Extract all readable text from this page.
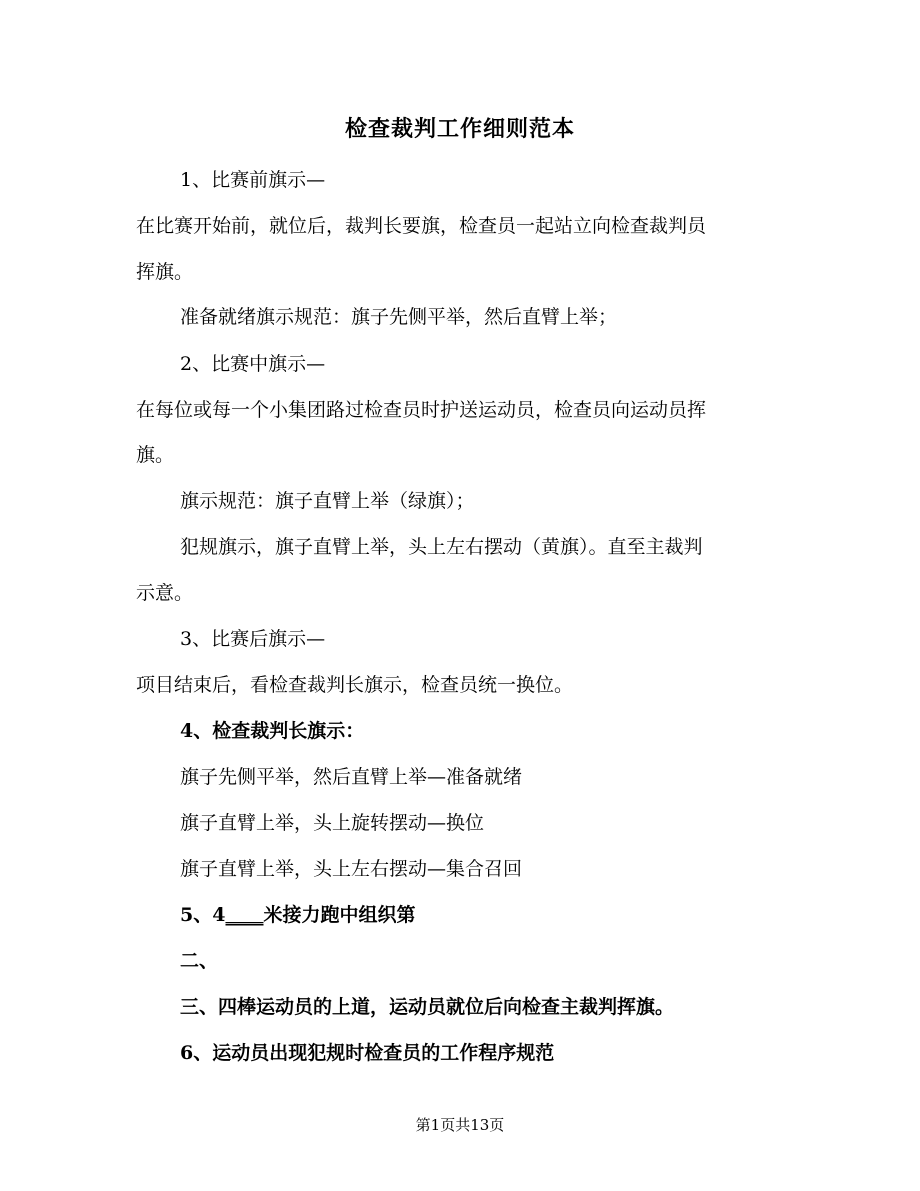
检查裁判工作细则范本
1、比赛前旗示—
在比赛开始前，就位后，裁判长要旗，检查员一起站立向检查裁判员
挥旗。
准备就绪旗示规范：旗子先侧平举，然后直臂上举；
2、比赛中旗示—
在每位或每一个小集团路过检查员时护送运动员，检查员向运动员挥
旗。
旗示规范：旗子直臂上举（绿旗）；
犯规旗示，旗子直臂上举，头上左右摆动（黄旗）。直至主裁判
示意。
3、比赛后旗示—
项目结束后，看检查裁判长旗示，检查员统一换位。
4、检查裁判长旗示：
旗子先侧平举，然后直臂上举—准备就绪
旗子直臂上举，头上旋转摆动—换位
旗子直臂上举，头上左右摆动—集合召回
5、4____米接力跑中组织第
二、
三、四棒运动员的上道，运动员就位后向检查主裁判挥旗。
6、运动员出现犯规时检查员的工作程序规范
第1页共13页
